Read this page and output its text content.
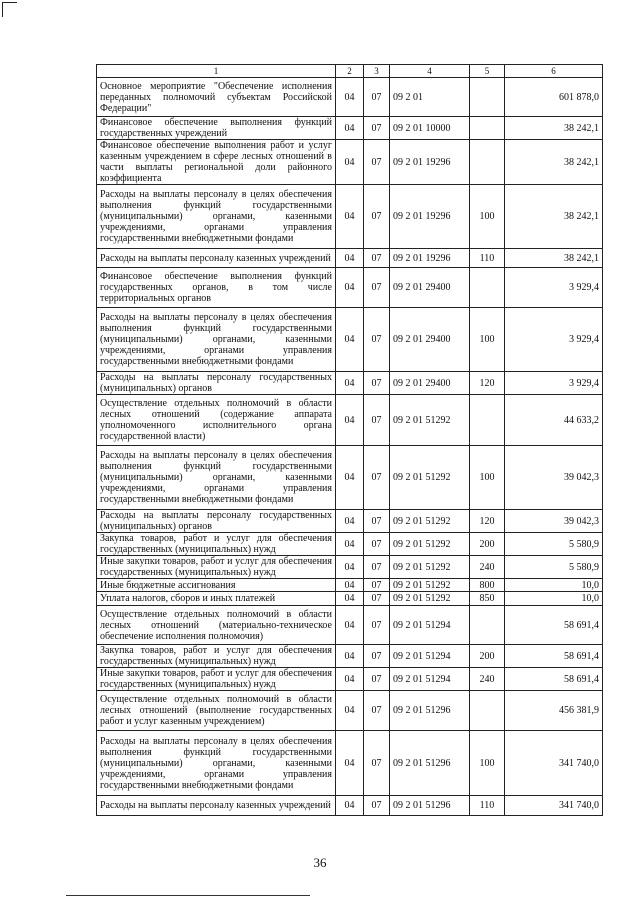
1	2	3	4	5	6
Основное мероприятие "Обеспечение исполнения переданных полномочий субъектам Российской Федерации"	04	07	09 2 01		601 878,0
Финансовое обеспечение выполнения функций государственных учреждений	04	07	09 2 01 10000		38 242,1
Финансовое обеспечение выполнения работ и услуг казенным учреждением в сфере лесных отношений в части выплаты региональной доли районного коэффициента	04	07	09 2 01 19296		38 242,1
Расходы на выплаты персоналу в целях обеспечения выполнения функций государственными (муниципальными) органами, казенными учреждениями, органами управления государственными внебюджетными фондами	04	07	09 2 01 19296	100	38 242,1
Расходы на выплаты персоналу казенных учреждений	04	07	09 2 01 19296	110	38 242,1
Финансовое обеспечение выполнения функций государственных органов, в том числе территориальных органов	04	07	09 2 01 29400		3 929,4
Расходы на выплаты персоналу в целях обеспечения выполнения функций государственными (муниципальными) органами, казенными учреждениями, органами управления государственными внебюджетными фондами	04	07	09 2 01 29400	100	3 929,4
Расходы на выплаты персоналу государственных (муниципальных) органов	04	07	09 2 01 29400	120	3 929,4
Осуществление отдельных полномочий в области лесных отношений (содержание аппарата уполномоченного исполнительного органа государственной власти)	04	07	09 2 01 51292		44 633,2
Расходы на выплаты персоналу в целях обеспечения выполнения функций государственными (муниципальными) органами, казенными учреждениями, органами управления государственными внебюджетными фондами	04	07	09 2 01 51292	100	39 042,3
Расходы на выплаты персоналу государственных (муниципальных) органов	04	07	09 2 01 51292	120	39 042,3
Закупка товаров, работ и услуг для обеспечения государственных (муниципальных) нужд	04	07	09 2 01 51292	200	5 580,9
Иные закупки товаров, работ и услуг для обеспечения государственных (муниципальных) нужд	04	07	09 2 01 51292	240	5 580,9
Иные бюджетные ассигнования	04	07	09 2 01 51292	800	10,0
Уплата налогов, сборов и иных платежей	04	07	09 2 01 51292	850	10,0
Осуществление отдельных полномочий в области лесных отношений (материально-техническое обеспечение исполнения полномочия)	04	07	09 2 01 51294		58 691,4
Закупка товаров, работ и услуг для обеспечения государственных (муниципальных) нужд	04	07	09 2 01 51294	200	58 691,4
Иные закупки товаров, работ и услуг для обеспечения государственных (муниципальных) нужд	04	07	09 2 01 51294	240	58 691,4
Осуществление отдельных полномочий в области лесных отношений (выполнение государственных работ и услуг казенным учреждением)	04	07	09 2 01 51296		456 381,9
Расходы на выплаты персоналу в целях обеспечения выполнения функций государственными (муниципальными) органами, казенными учреждениями, органами управления государственными внебюджетными фондами	04	07	09 2 01 51296	100	341 740,0
Расходы на выплаты персоналу казенных учреждений	04	07	09 2 01 51296	110	341 740,0
36
